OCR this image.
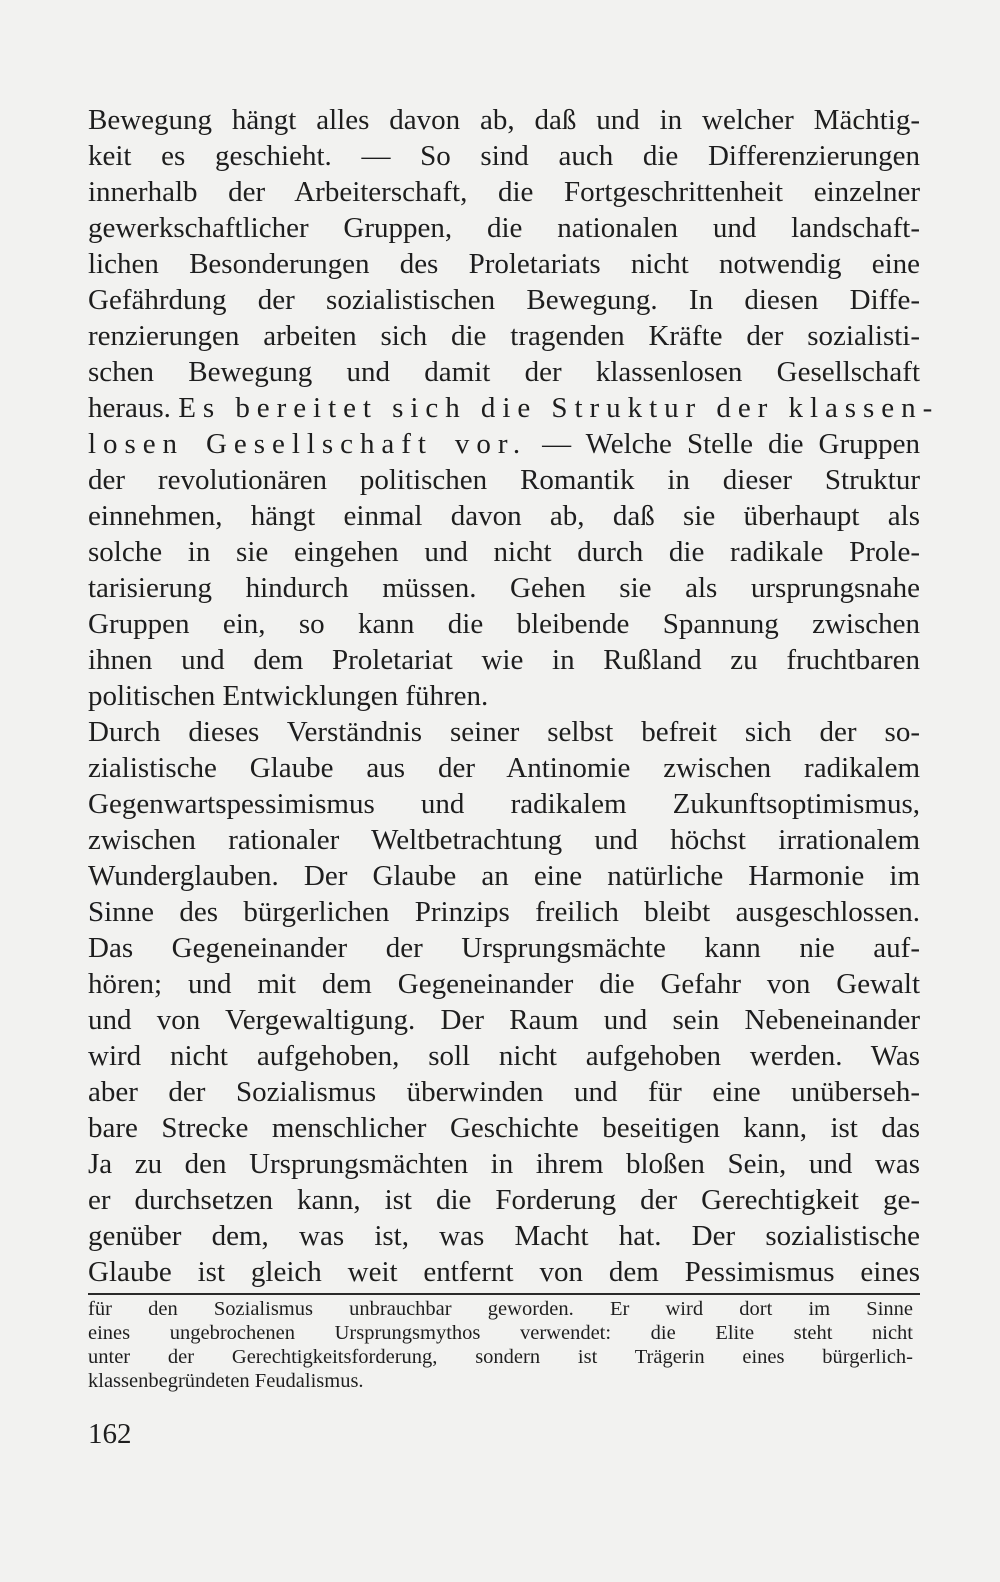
Bewegung hängt alles davon ab, daß und in welcher Mächtig-
keit es geschieht. — So sind auch die Differenzierungen
innerhalb der Arbeiterschaft, die Fortgeschrittenheit einzelner
gewerkschaftlicher Gruppen, die nationalen und landschaft-
lichen Besonderungen des Proletariats nicht notwendig eine
Gefährdung der sozialistischen Bewegung. In diesen Diffe-
renzierungen arbeiten sich die tragenden Kräfte der sozialisti-
schen Bewegung und damit der klassenlosen Gesellschaft
heraus. Es bereitet sich die Struktur der klassen-
losen Gesellschaft vor. — Welche Stelle die Gruppen
der revolutionären politischen Romantik in dieser Struktur
einnehmen, hängt einmal davon ab, daß sie überhaupt als
solche in sie eingehen und nicht durch die radikale Prole-
tarisierung hindurch müssen. Gehen sie als ursprungsnahe
Gruppen ein, so kann die bleibende Spannung zwischen
ihnen und dem Proletariat wie in Rußland zu fruchtbaren
politischen Entwicklungen führen.
Durch dieses Verständnis seiner selbst befreit sich der so-
zialistische Glaube aus der Antinomie zwischen radikalem
Gegenwartspessimismus und radikalem Zukunftsoptimismus,
zwischen rationaler Weltbetrachtung und höchst irrationalem
Wunderglauben. Der Glaube an eine natürliche Harmonie im
Sinne des bürgerlichen Prinzips freilich bleibt ausgeschlossen.
Das Gegeneinander der Ursprungsmächte kann nie auf-
hören; und mit dem Gegeneinander die Gefahr von Gewalt
und von Vergewaltigung. Der Raum und sein Nebeneinander
wird nicht aufgehoben, soll nicht aufgehoben werden. Was
aber der Sozialismus überwinden und für eine unüberseh-
bare Strecke menschlicher Geschichte beseitigen kann, ist das
Ja zu den Ursprungsmächten in ihrem bloßen Sein, und was
er durchsetzen kann, ist die Forderung der Gerechtigkeit ge-
genüber dem, was ist, was Macht hat. Der sozialistische
Glaube ist gleich weit entfernt von dem Pessimismus eines
für den Sozialismus unbrauchbar geworden. Er wird dort im Sinne
eines ungebrochenen Ursprungsmythos verwendet: die Elite steht nicht
unter der Gerechtigkeitsforderung, sondern ist Trägerin eines bürgerlich-
klassenbegründeten Feudalismus.
162
